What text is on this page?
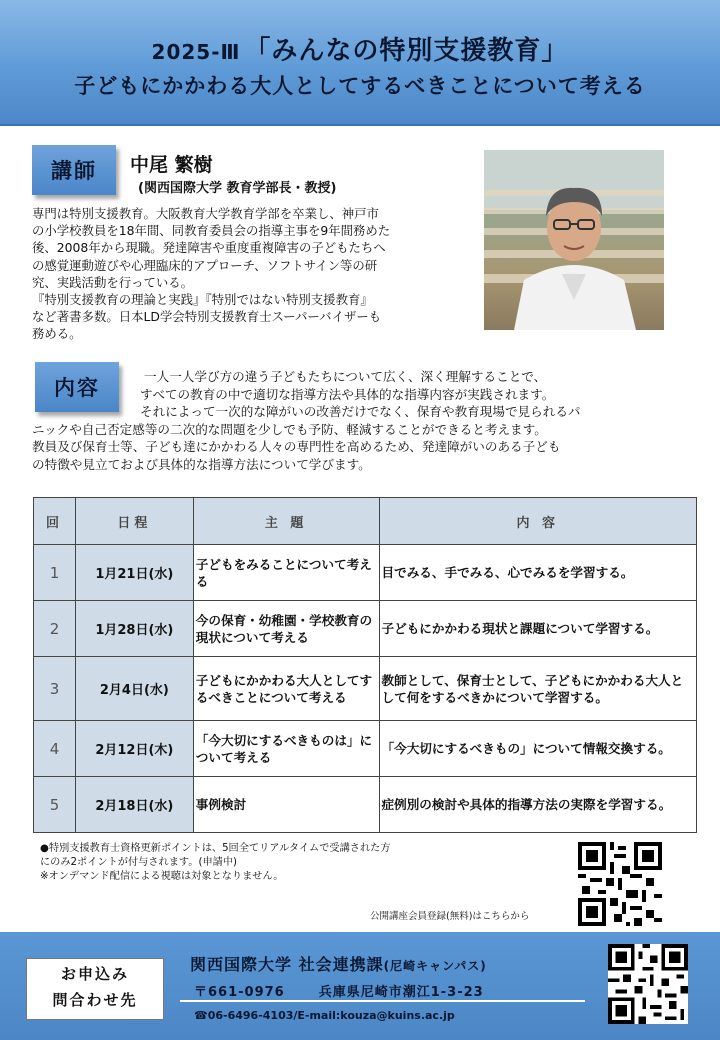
2025-Ⅲ 「みんなの特別支援教育」
子どもにかかわる大人としてするべきことについて考える
講師	中尾 繁樹
(関西国際大学 教育学部長・教授)

専門は特別支援教育。大阪教育大学教育学部を卒業し、神戸市

の小学校教員を18年間、同教育委員会の指導主事を9年間務めた

後、2008年から現職。発達障害や重度重複障害の子どもたちへ

の感覚運動遊びや心理臨床的アプローチ、ソフトサイン等の研

究、実践活動を行っている。

『特別支援教育の理論と実践』『特別ではない特別支援教育』

など著書多数。日本LD学会特別支援教育士スーパーバイザーも

務める。

内容	一人一人学び方の違う子どもたちについて広く、深く理解することで、

すべての教育の中で適切な指導方法や具体的な指導内容が実践されます。

それによって一次的な障がいの改善だけでなく、保育や教育現場で見られるパ

ニックや自己否定感等の二次的な問題を少しでも予防、軽減することができると考えます。

教員及び保育士等、子ども達にかかわる人々の専門性を高めるため、発達障がいのある子ども

の特徴や見立ておよび具体的な指導方法について学びます。

回	日程	主 題	内 容
1	1月21日(水)	子どもをみることについて考える	目でみる、手でみる、心でみるを学習する。
2	1月28日(水)	今の保育・幼稚園・学校教育の現状について考える	子どもにかかわる現状と課題について学習する。
3	2月4日(水)	子どもにかかわる大人としてするべきことについて考える	教師として、保育士として、子どもにかかわる大人として何をするべきかについて学習する。
4	2月12日(木)	「今大切にするべきものは」について考える	「今大切にするべきもの」について情報交換する。
5	2月18日(水)	事例検討	症例別の検討や具体的指導方法の実際を学習する。

●特別支援教育士資格更新ポイントは、5回全てリアルタイムで受講された方

にのみ2ポイントが付与されます。(申請中)

※オンデマンド配信による視聴は対象となりません。

公開講座会員登録(無料)はこちらから
お申込み
問合わせ先
関西国際大学 社会連携課(尼崎キャンパス)
〒661-0976	兵庫県尼崎市潮江1-3-23
☎06-6496-4103/E-mail:kouza@kuins.ac.jp
